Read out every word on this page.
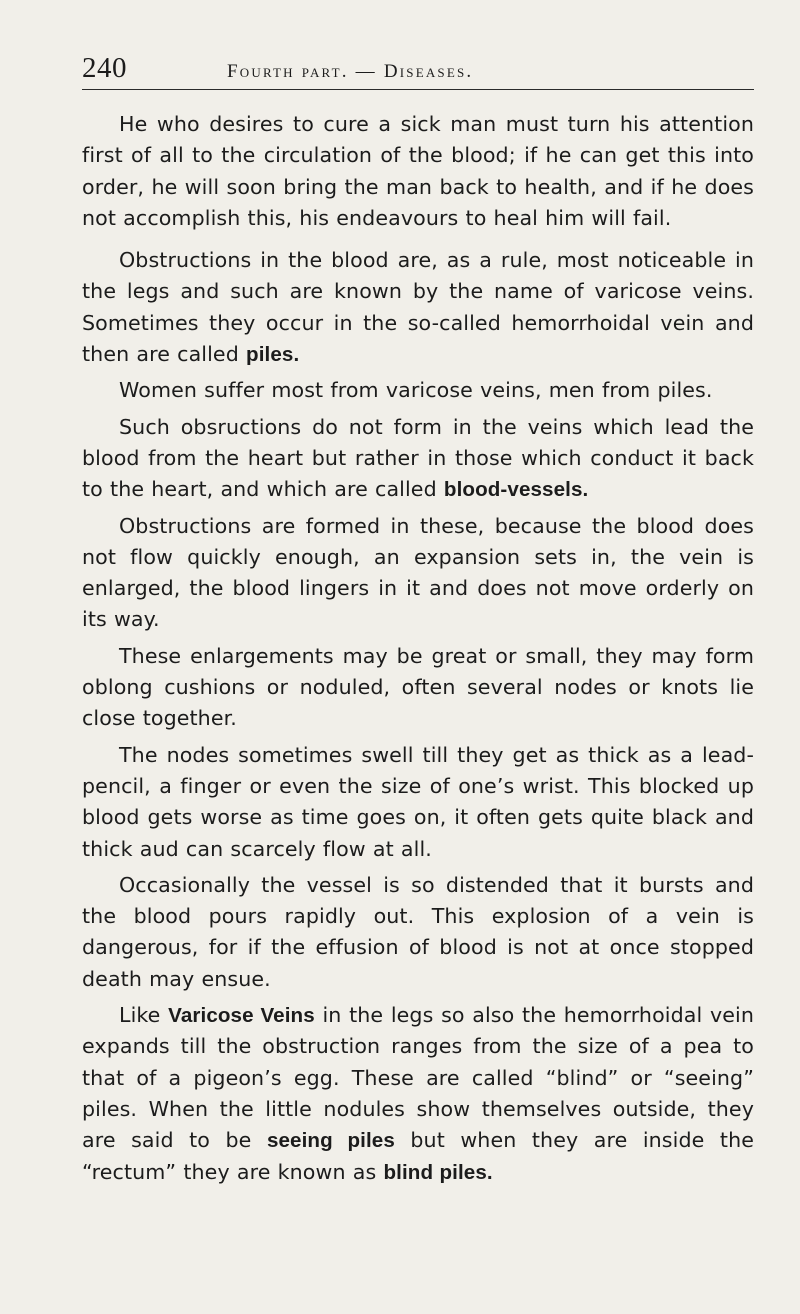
240	Fourth part. — Diseases.

He who desires to cure a sick man must turn his attention first of all to the circulation of the blood; if he can get this into order, he will soon bring the man back to health, and if he does not accomplish this, his endeavours to heal him will fail.

Obstructions in the blood are, as a rule, most noticeable in the legs and such are known by the name of varicose veins. Sometimes they occur in the so-called hemorrhoidal vein and then are called piles.

Women suffer most from varicose veins, men from piles.

Such obsructions do not form in the veins which lead the blood from the heart but rather in those which conduct it back to the heart, and which are called blood-vessels.

Obstructions are formed in these, because the blood does not flow quickly enough, an expansion sets in, the vein is enlarged, the blood lingers in it and does not move orderly on its way.

These enlargements may be great or small, they may form oblong cushions or noduled, often several nodes or knots lie close together.

The nodes sometimes swell till they get as thick as a lead-pencil, a finger or even the size of one’s wrist. This blocked up blood gets worse as time goes on, it often gets quite black and thick aud can scarcely flow at all.

Occasionally the vessel is so distended that it bursts and the blood pours rapidly out. This explosion of a vein is dangerous, for if the effusion of blood is not at once stopped death may ensue.

Like Varicose Veins in the legs so also the hemorrhoidal vein expands till the obstruction ranges from the size of a pea to that of a pigeon’s egg. These are called “blind” or “seeing” piles. When the little nodules show themselves outside, they are said to be seeing piles but when they are inside the “rectum” they are known as blind piles.
